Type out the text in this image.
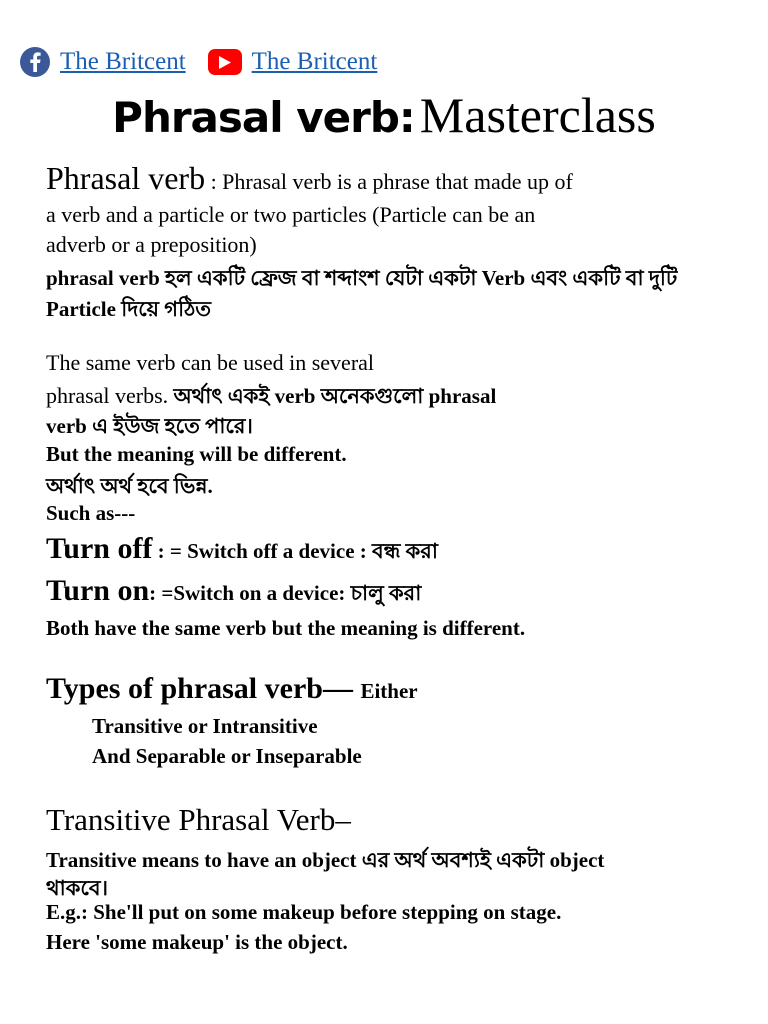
The Britcent	The Britcent
Phrasal verb: Masterclass
Phrasal verb : Phrasal verb is a phrase that made up of
a verb and a particle or two particles (Particle can be an
adverb or a preposition)
phrasal verb হল একটি ফ্রেজ বা শব্দাংশ যেটা একটা Verb এবং একটি বা দুটি
Particle দিয়ে গঠিত
The same verb can be used in several
phrasal verbs. অর্থাৎ একই verb অনেকগুলো phrasal
verb এ ইউজ হতে পারে।
But the meaning will be different.
অর্থাৎ অর্থ হবে ভিন্ন.
Such as---
Turn off : = Switch off a device : বন্ধ করা
Turn on: =Switch on a device: চালু করা
Both have the same verb but the meaning is different.
Types of phrasal verb— Either
Transitive or Intransitive
And Separable or Inseparable
Transitive Phrasal Verb–
Transitive means to have an object এর অর্থ অবশ্যই একটা object
থাকবে।
E.g.: She'll put on some makeup before stepping on stage.
Here 'some makeup' is the object.
